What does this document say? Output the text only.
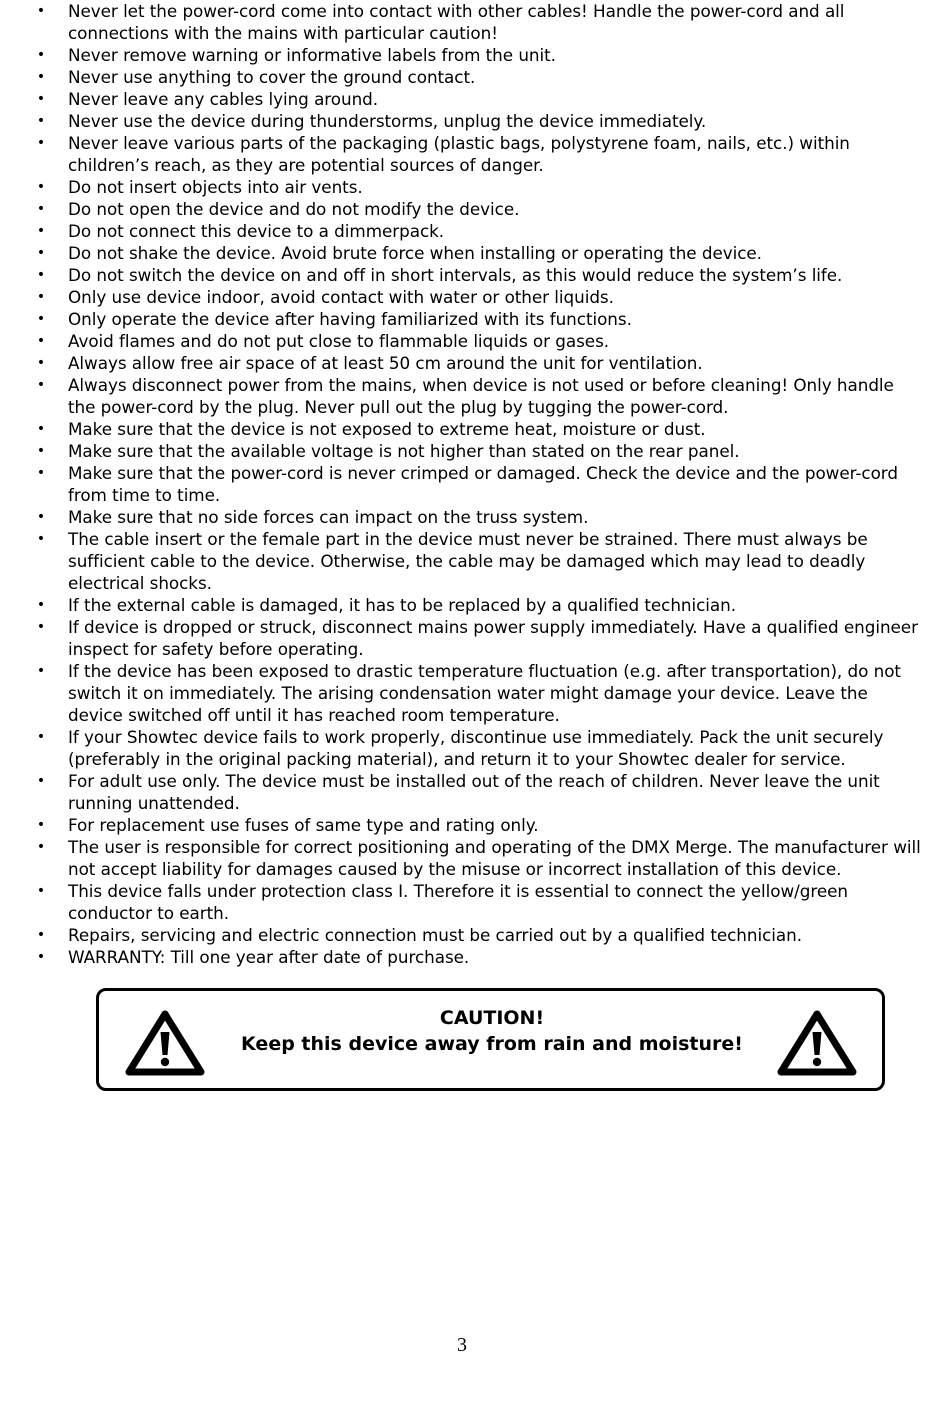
• Never let the power-cord come into contact with other cables! Handle the power-cord and all connections with the mains with particular caution!
• Never remove warning or informative labels from the unit.
• Never use anything to cover the ground contact.
• Never leave any cables lying around.
• Never use the device during thunderstorms, unplug the device immediately.
• Never leave various parts of the packaging (plastic bags, polystyrene foam, nails, etc.) within children’s reach, as they are potential sources of danger.
• Do not insert objects into air vents.
• Do not open the device and do not modify the device.
• Do not connect this device to a dimmerpack.
• Do not shake the device. Avoid brute force when installing or operating the device.
• Do not switch the device on and off in short intervals, as this would reduce the system’s life.
• Only use device indoor, avoid contact with water or other liquids.
• Only operate the device after having familiarized with its functions.
• Avoid flames and do not put close to flammable liquids or gases.
• Always allow free air space of at least 50 cm around the unit for ventilation.
• Always disconnect power from the mains, when device is not used or before cleaning! Only handle the power-cord by the plug. Never pull out the plug by tugging the power-cord.
• Make sure that the device is not exposed to extreme heat, moisture or dust.
• Make sure that the available voltage is not higher than stated on the rear panel.
• Make sure that the power-cord is never crimped or damaged. Check the device and the power-cord from time to time.
• Make sure that no side forces can impact on the truss system.
• The cable insert or the female part in the device must never be strained. There must always be sufficient cable to the device. Otherwise, the cable may be damaged which may lead to deadly electrical shocks.
• If the external cable is damaged, it has to be replaced by a qualified technician.
• If device is dropped or struck, disconnect mains power supply immediately. Have a qualified engineer inspect for safety before operating.
• If the device has been exposed to drastic temperature fluctuation (e.g. after transportation), do not switch it on immediately. The arising condensation water might damage your device. Leave the device switched off until it has reached room temperature.
• If your Showtec device fails to work properly, discontinue use immediately. Pack the unit securely (preferably in the original packing material), and return it to your Showtec dealer for service.
• For adult use only. The device must be installed out of the reach of children. Never leave the unit running unattended.
• For replacement use fuses of same type and rating only.
• The user is responsible for correct positioning and operating of the DMX Merge. The manufacturer will not accept liability for damages caused by the misuse or incorrect installation of this device.
• This device falls under protection class I. Therefore it is essential to connect the yellow/green conductor to earth.
• Repairs, servicing and electric connection must be carried out by a qualified technician.
• WARRANTY: Till one year after date of purchase.
CAUTION!
Keep this device away from rain and moisture!
3
